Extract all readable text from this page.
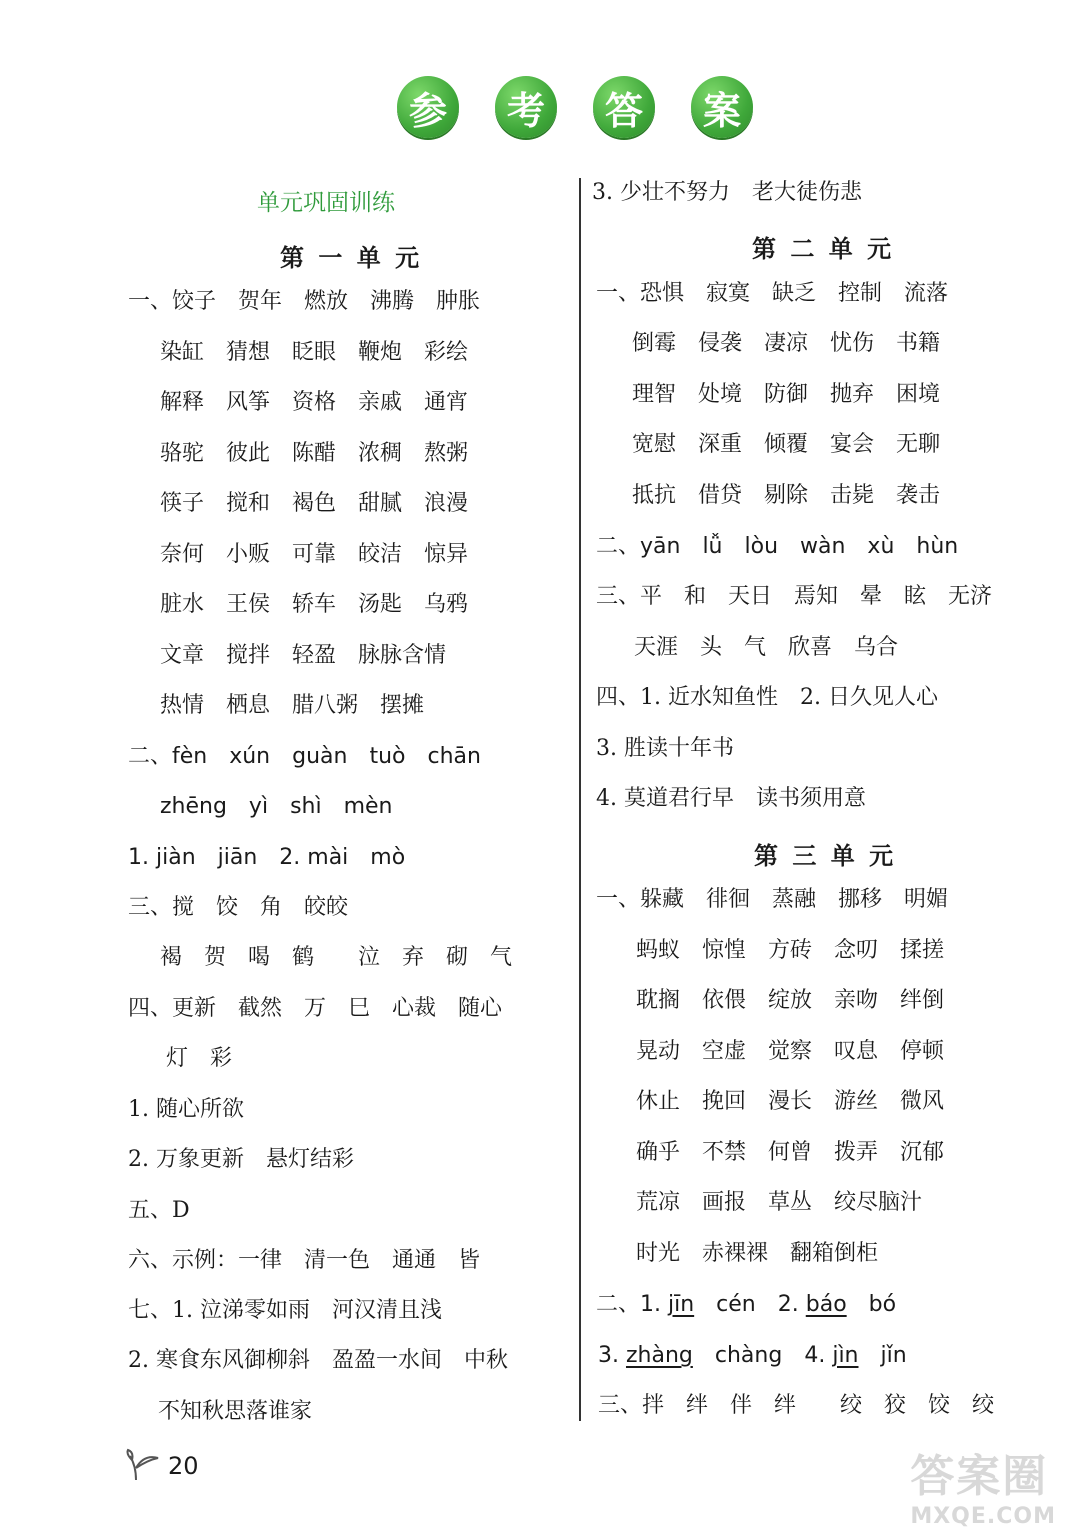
参	考	答	案
单元巩固训练
第 一 单 元
一、饺子　贺年　燃放　沸腾　肿胀
染缸　猜想　眨眼　鞭炮　彩绘
解释　风筝　资格　亲戚　通宵
骆驼　彼此　陈醋　浓稠　熬粥
筷子　搅和　褐色　甜腻　浪漫
奈何　小贩　可靠　皎洁　惊异
脏水　王侯　轿车　汤匙　乌鸦
文章　搅拌　轻盈　脉脉含情
热情　栖息　腊八粥　摆摊
二、fèn　xún　guàn　tuò　chān
zhēng　yì　shì　mèn
1. jiàn　jiān　2. mài　mò
三、搅　饺　角　皎皎
褐　贺　喝　鹤　　泣　弃　砌　气
四、更新　截然　万　巳　心裁　随心
灯　彩
1. 随心所欲
2. 万象更新　悬灯结彩
五、D
六、示例：一律　清一色　通通　皆
七、1. 泣涕零如雨　河汉清且浅
2. 寒食东风御柳斜　盈盈一水间　中秋
不知秋思落谁家
20
3. 少壮不努力　老大徒伤悲
第 二 单 元
一、恐惧　寂寞　缺乏　控制　流落
倒霉　侵袭　凄凉　忧伤　书籍
理智　处境　防御　抛弃　困境
宽慰　深重　倾覆　宴会　无聊
抵抗　借贷　剔除　击毙　袭击
二、yān　lǚ　lòu　wàn　xù　hùn
三、平　和　天日　焉知　晕　眩　无济
天涯　头　气　欣喜　乌合
四、1. 近水知鱼性　2. 日久见人心
3. 胜读十年书
4. 莫道君行早　读书须用意
第 三 单 元
一、躲藏　徘徊　蒸融　挪移　明媚
蚂蚁　惊惶　方砖　念叨　揉搓
耽搁　依偎　绽放　亲吻　绊倒
晃动　空虚　觉察　叹息　停顿
休止　挽回　漫长　游丝　微风
确乎　不禁　何曾　拨弄　沉郁
荒凉　画报　草丛　绞尽脑汁
时光　赤裸裸　翻箱倒柜
二、1. jīn　 cén　 2. báo　 bó
3. zhàng　 chàng　 4. jìn　 jǐn
三、拌　绊　伴　绊　　绞　狡　饺　绞
答案圈
MXQE.COM
